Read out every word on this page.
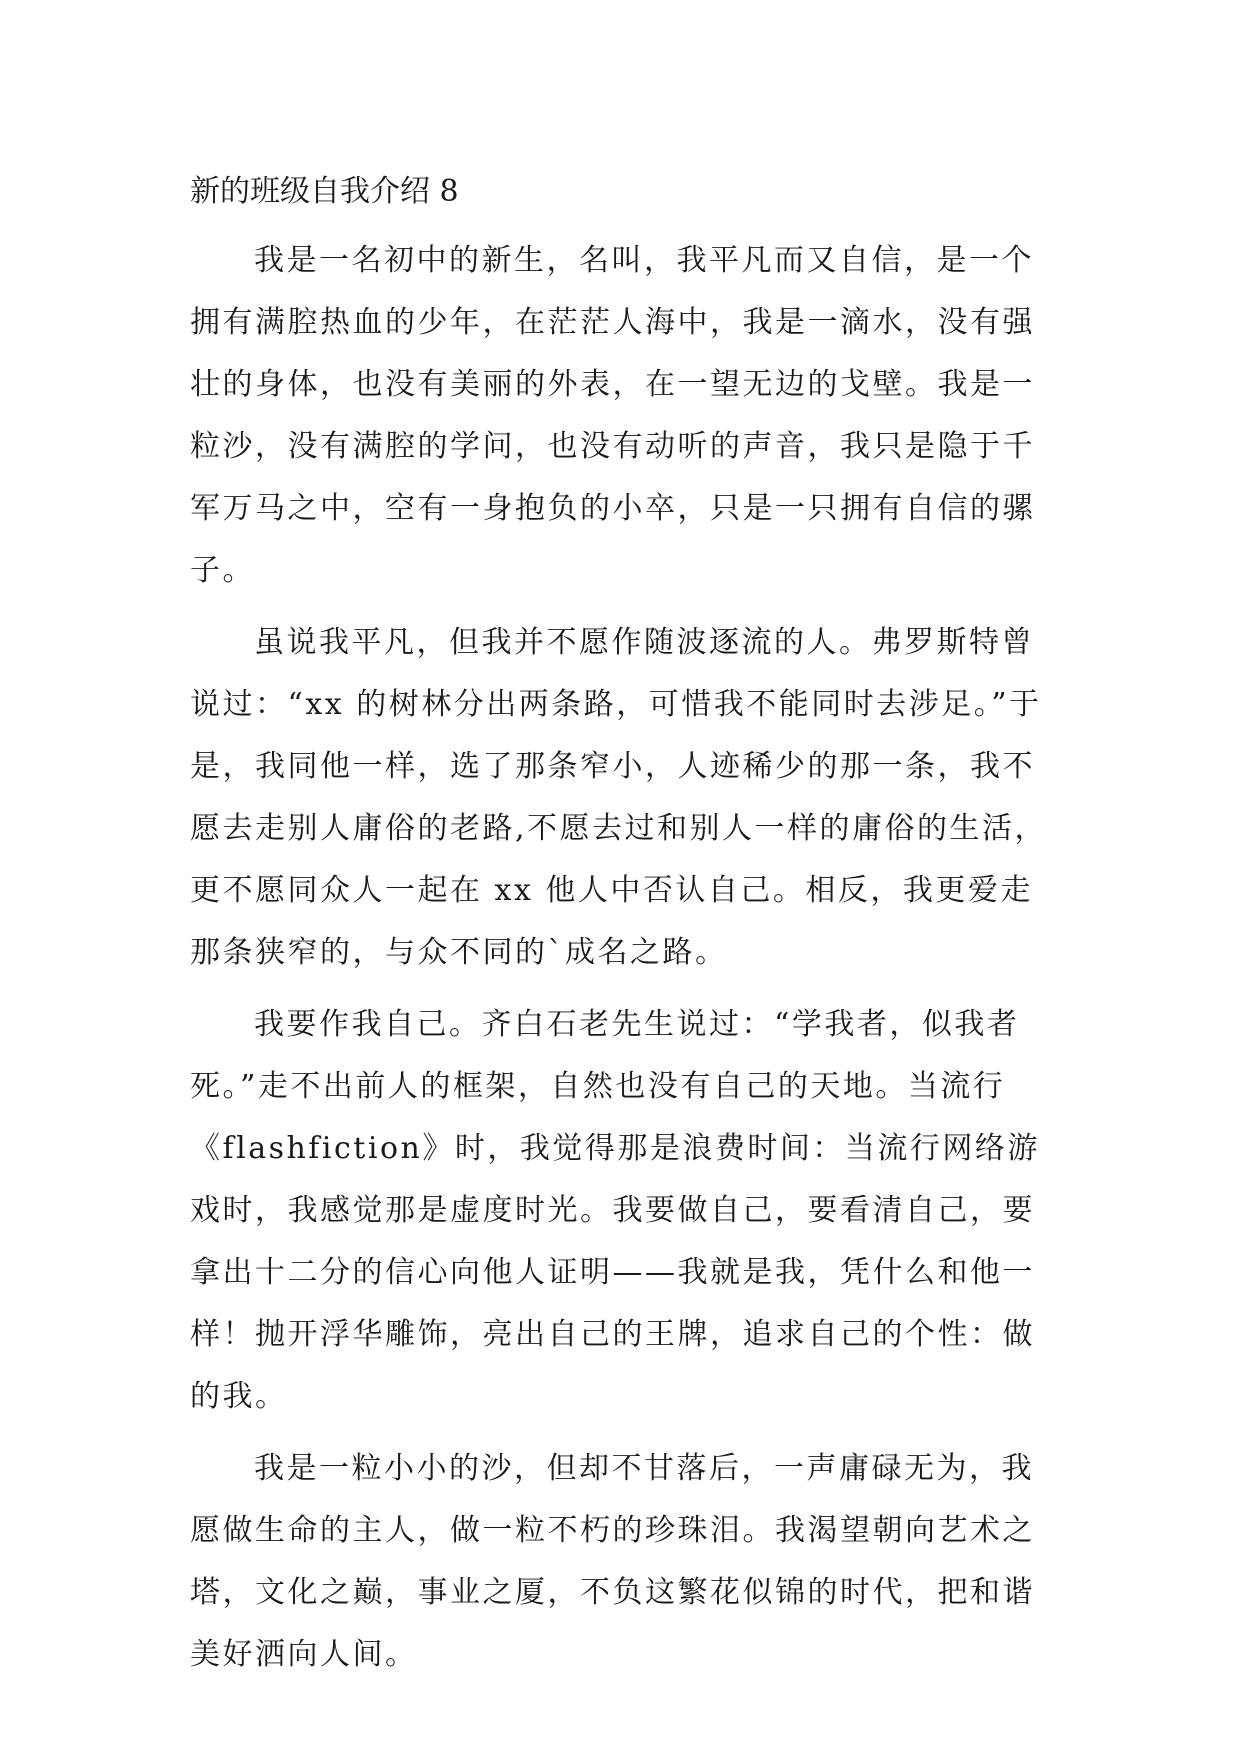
新的班级自我介绍 8

我是一名初中的新生，名叫，我平凡而又自信，是一个
拥有满腔热血的少年，在茫茫人海中，我是一滴水，没有强
壮的身体，也没有美丽的外表，在一望无边的戈壁。我是一
粒沙，没有满腔的学问，也没有动听的声音，我只是隐于千
军万马之中，空有一身抱负的小卒，只是一只拥有自信的骡
子。

虽说我平凡，但我并不愿作随波逐流的人。弗罗斯特曾
说过：“xx 的树林分出两条路，可惜我不能同时去涉足。”于
是，我同他一样，选了那条窄小，人迹稀少的那一条，我不
愿去走别人庸俗的老路,不愿去过和别人一样的庸俗的生活，
更不愿同众人一起在 xx 他人中否认自己。相反，我更爱走
那条狭窄的，与众不同的`成名之路。

我要作我自己。齐白石老先生说过：“学我者，似我者
死。”走不出前人的框架，自然也没有自己的天地。当流行
《flashfiction》时，我觉得那是浪费时间：当流行网络游
戏时，我感觉那是虚度时光。我要做自己，要看清自己，要
拿出十二分的信心向他人证明——我就是我，凭什么和他一
样！抛开浮华雕饰，亮出自己的王牌，追求自己的个性：做
的我。

我是一粒小小的沙，但却不甘落后，一声庸碌无为，我
愿做生命的主人，做一粒不朽的珍珠泪。我渴望朝向艺术之
塔，文化之巅，事业之厦，不负这繁花似锦的时代，把和谐
美好洒向人间。
